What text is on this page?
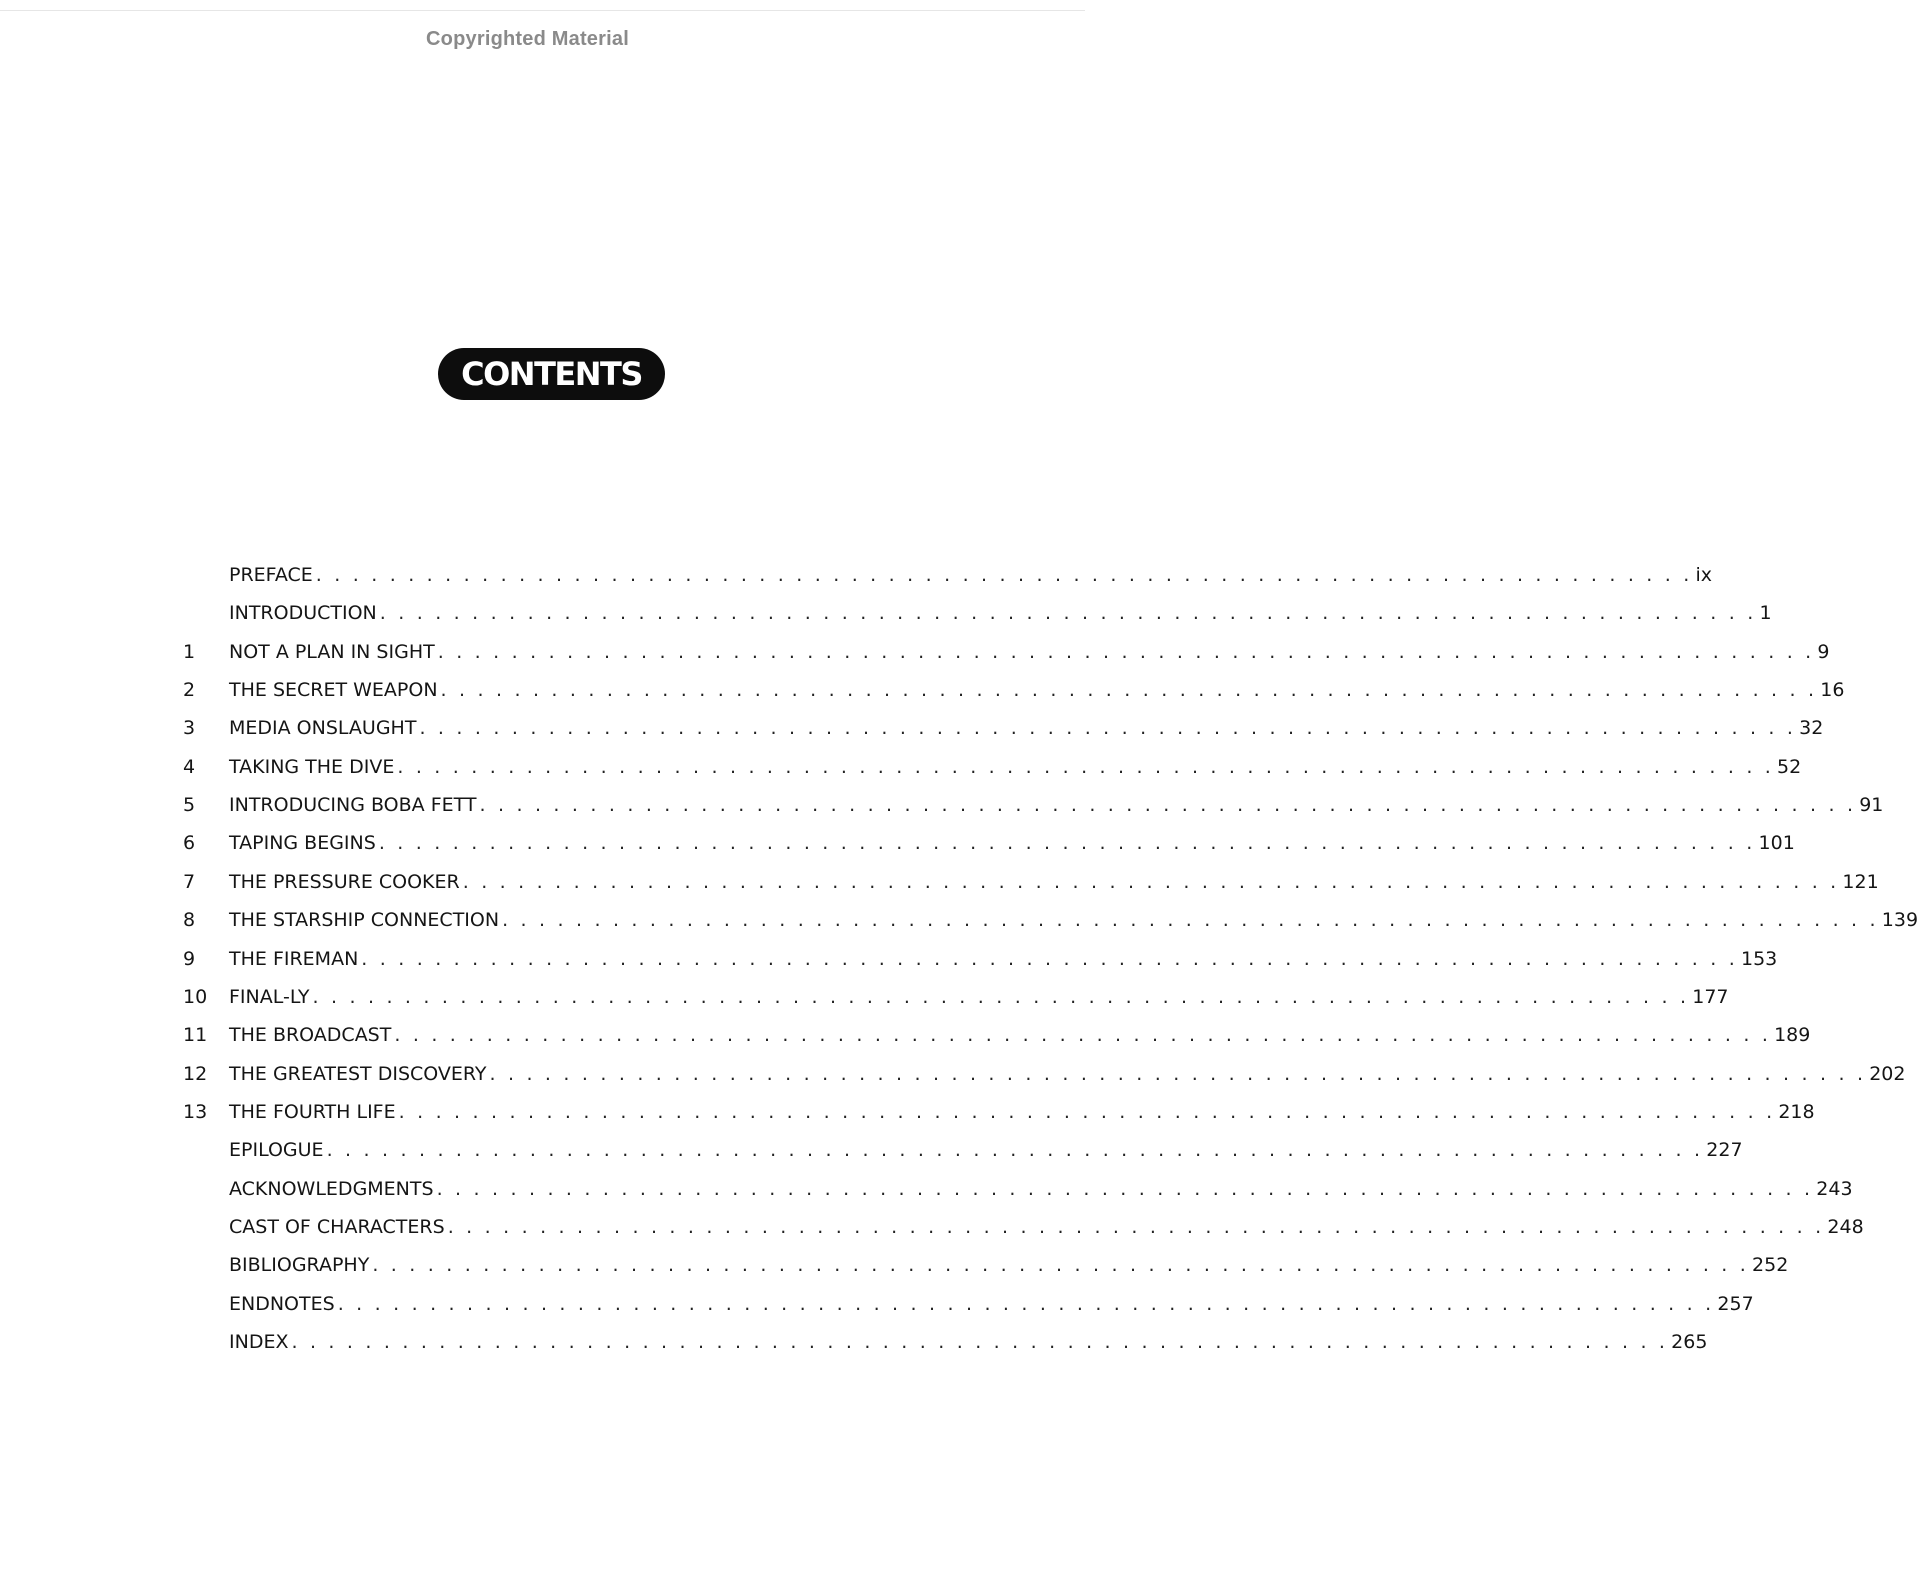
Copyrighted Material
CONTENTS
PREFACE . . . . . . . . . . . . . . . . . . . . . . . . . . . . . . . . . . . . . . . . . . . . . . . . . . . . . . . . . . . . . . . . . . . . . . . . . . . ix
INTRODUCTION . . . . . . . . . . . . . . . . . . . . . . . . . . . . . . . . . . . . . . . . . . . . . . . . . . . . . . . . . . . . . . . . . . . . . . . . . . . 1
1	NOT A PLAN IN SIGHT . . . . . . . . . . . . . . . . . . . . . . . . . . . . . . . . . . . . . . . . . . . . . . . . . . . . . . . . . . . . . . . . . . . . . . . . . . . 9
2	THE SECRET WEAPON . . . . . . . . . . . . . . . . . . . . . . . . . . . . . . . . . . . . . . . . . . . . . . . . . . . . . . . . . . . . . . . . . . . . . . . . . . . 16
3	MEDIA ONSLAUGHT . . . . . . . . . . . . . . . . . . . . . . . . . . . . . . . . . . . . . . . . . . . . . . . . . . . . . . . . . . . . . . . . . . . . . . . . . . . 32
4	TAKING THE DIVE . . . . . . . . . . . . . . . . . . . . . . . . . . . . . . . . . . . . . . . . . . . . . . . . . . . . . . . . . . . . . . . . . . . . . . . . . . . 52
5	INTRODUCING BOBA FETT . . . . . . . . . . . . . . . . . . . . . . . . . . . . . . . . . . . . . . . . . . . . . . . . . . . . . . . . . . . . . . . . . . . . . . . . . . . 91
6	TAPING BEGINS . . . . . . . . . . . . . . . . . . . . . . . . . . . . . . . . . . . . . . . . . . . . . . . . . . . . . . . . . . . . . . . . . . . . . . . . . . . 101
7	THE PRESSURE COOKER . . . . . . . . . . . . . . . . . . . . . . . . . . . . . . . . . . . . . . . . . . . . . . . . . . . . . . . . . . . . . . . . . . . . . . . . . . . 121
8	THE STARSHIP CONNECTION . . . . . . . . . . . . . . . . . . . . . . . . . . . . . . . . . . . . . . . . . . . . . . . . . . . . . . . . . . . . . . . . . . . . . . . . . . . 139
9	THE FIREMAN . . . . . . . . . . . . . . . . . . . . . . . . . . . . . . . . . . . . . . . . . . . . . . . . . . . . . . . . . . . . . . . . . . . . . . . . . . . 153
10	FINAL-LY . . . . . . . . . . . . . . . . . . . . . . . . . . . . . . . . . . . . . . . . . . . . . . . . . . . . . . . . . . . . . . . . . . . . . . . . . . . 177
11	THE BROADCAST . . . . . . . . . . . . . . . . . . . . . . . . . . . . . . . . . . . . . . . . . . . . . . . . . . . . . . . . . . . . . . . . . . . . . . . . . . . 189
12	THE GREATEST DISCOVERY . . . . . . . . . . . . . . . . . . . . . . . . . . . . . . . . . . . . . . . . . . . . . . . . . . . . . . . . . . . . . . . . . . . . . . . . . . . 202
13	THE FOURTH LIFE . . . . . . . . . . . . . . . . . . . . . . . . . . . . . . . . . . . . . . . . . . . . . . . . . . . . . . . . . . . . . . . . . . . . . . . . . . . 218
EPILOGUE . . . . . . . . . . . . . . . . . . . . . . . . . . . . . . . . . . . . . . . . . . . . . . . . . . . . . . . . . . . . . . . . . . . . . . . . . . . 227
ACKNOWLEDGMENTS . . . . . . . . . . . . . . . . . . . . . . . . . . . . . . . . . . . . . . . . . . . . . . . . . . . . . . . . . . . . . . . . . . . . . . . . . . . 243
CAST OF CHARACTERS . . . . . . . . . . . . . . . . . . . . . . . . . . . . . . . . . . . . . . . . . . . . . . . . . . . . . . . . . . . . . . . . . . . . . . . . . . . 248
BIBLIOGRAPHY . . . . . . . . . . . . . . . . . . . . . . . . . . . . . . . . . . . . . . . . . . . . . . . . . . . . . . . . . . . . . . . . . . . . . . . . . . . 252
ENDNOTES . . . . . . . . . . . . . . . . . . . . . . . . . . . . . . . . . . . . . . . . . . . . . . . . . . . . . . . . . . . . . . . . . . . . . . . . . . . 257
INDEX . . . . . . . . . . . . . . . . . . . . . . . . . . . . . . . . . . . . . . . . . . . . . . . . . . . . . . . . . . . . . . . . . . . . . . . . . . . 265
